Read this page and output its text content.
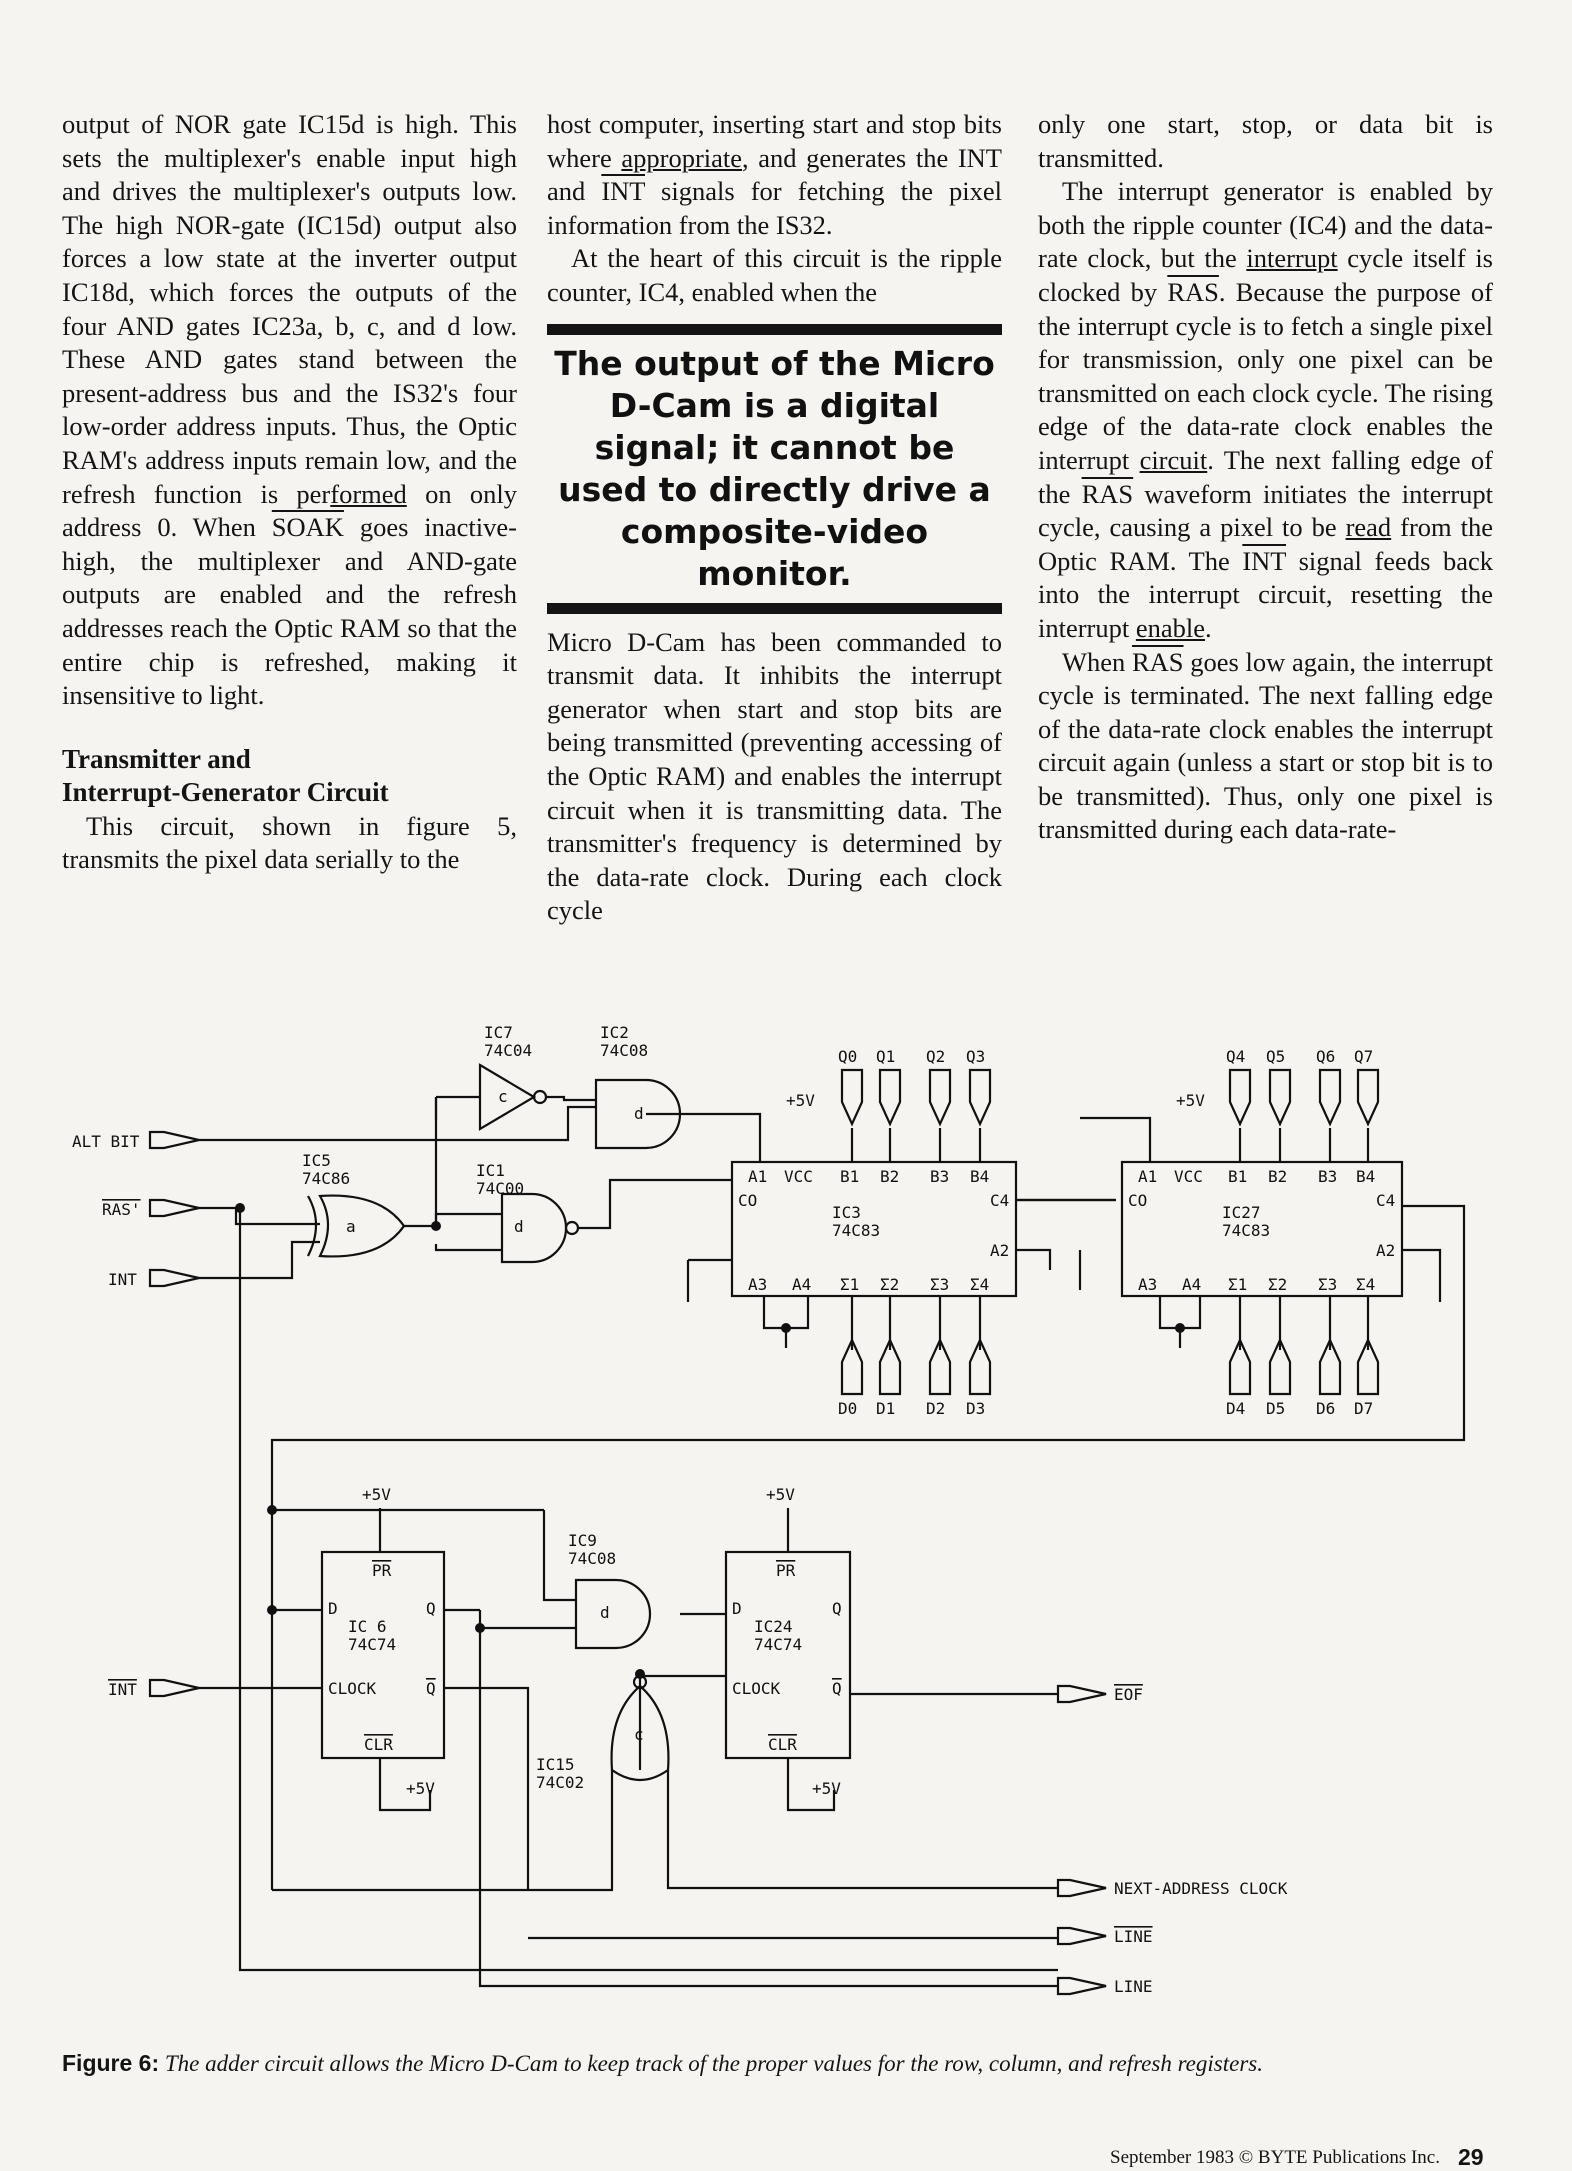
output of NOR gate IC15d is high. This sets the multiplexer's enable input high and drives the multiplexer's outputs low. The high NOR-gate (IC15d) output also forces a low state at the inverter output IC18d, which forces the outputs of the four AND gates IC23a, b, c, and d low. These AND gates stand between the present-address bus and the IS32's four low-order address inputs. Thus, the Optic RAM's address inputs remain low, and the refresh function is performed on only address 0. When SOAK goes inactive-high, the multiplexer and AND-gate outputs are enabled and the refresh addresses reach the Optic RAM so that the entire chip is refreshed, making it insensitive to light.

Transmitter and
Interrupt-Generator Circuit

This circuit, shown in figure 5, transmits the pixel data serially to the

host computer, inserting start and stop bits where appropriate, and generates the INT and $\overline{INT}$ signals for fetching the pixel information from the IS32.

At the heart of this circuit is the ripple counter, IC4, enabled when the

The output of the Micro D-Cam is a digital signal; it cannot be used to directly drive a composite-video monitor.

Micro D-Cam has been commanded to transmit data. It inhibits the interrupt generator when start and stop bits are being transmitted (preventing accessing of the Optic RAM) and enables the interrupt circuit when it is transmitting data. The transmitter's frequency is determined by the data-rate clock. During each clock cycle

only one start, stop, or data bit is transmitted.

The interrupt generator is enabled by both the ripple counter (IC4) and the data-rate clock, but the interrupt cycle itself is clocked by $\overline{RAS}$. Because the purpose of the interrupt cycle is to fetch a single pixel for transmission, only one pixel can be transmitted on each clock cycle. The rising edge of the data-rate clock enables the interrupt circuit. The next falling edge of the $\overline{RAS}$ waveform initiates the interrupt cycle, causing a pixel to be read from the Optic RAM. The $\overline{INT}$ signal feeds back into the interrupt circuit, resetting the interrupt enable.

When $\overline{RAS}$ goes low again, the interrupt cycle is terminated. The next falling edge of the data-rate clock enables the interrupt circuit again (unless a start or stop bit is to be transmitted). Thus, only one pixel is transmitted during each data-rate-

ALT BIT
RAS'
INT
INT	EOF
NEXT-ADDRESS CLOCK
LINE
LINE
IC7
74C04
IC2
74C08
IC5
74C86	IC1
74C00
IC3
74C83
IC27
74C83
IC 6
74C74
IC9
74C08
IC24
74C74
IC15
74C02
c
d
a	d
d
c
+5V	+5V
+5V	+5V
+5V	+5V
Q0 Q1 Q2 Q3	Q4 Q5 Q6 Q7
D0 D1 D2 D3	D4 D5 D6 D7
A1 VCC B1 B2 B3 B4	A1 VCC B1 B2 B3 B4
A3 A4 Σ1 Σ2 Σ3 Σ4	A3 A4 Σ1 Σ2 Σ3 Σ4
CO	C4
A2
CO	C4
A2
PR
D	Q
CLOCK	Q
CLR
PR
D	Q
CLOCK	Q
CLR
Figure 6: The adder circuit allows the Micro D-Cam to keep track of the proper values for the row, column, and refresh registers.
September 1983 © BYTE Publications Inc. 29
